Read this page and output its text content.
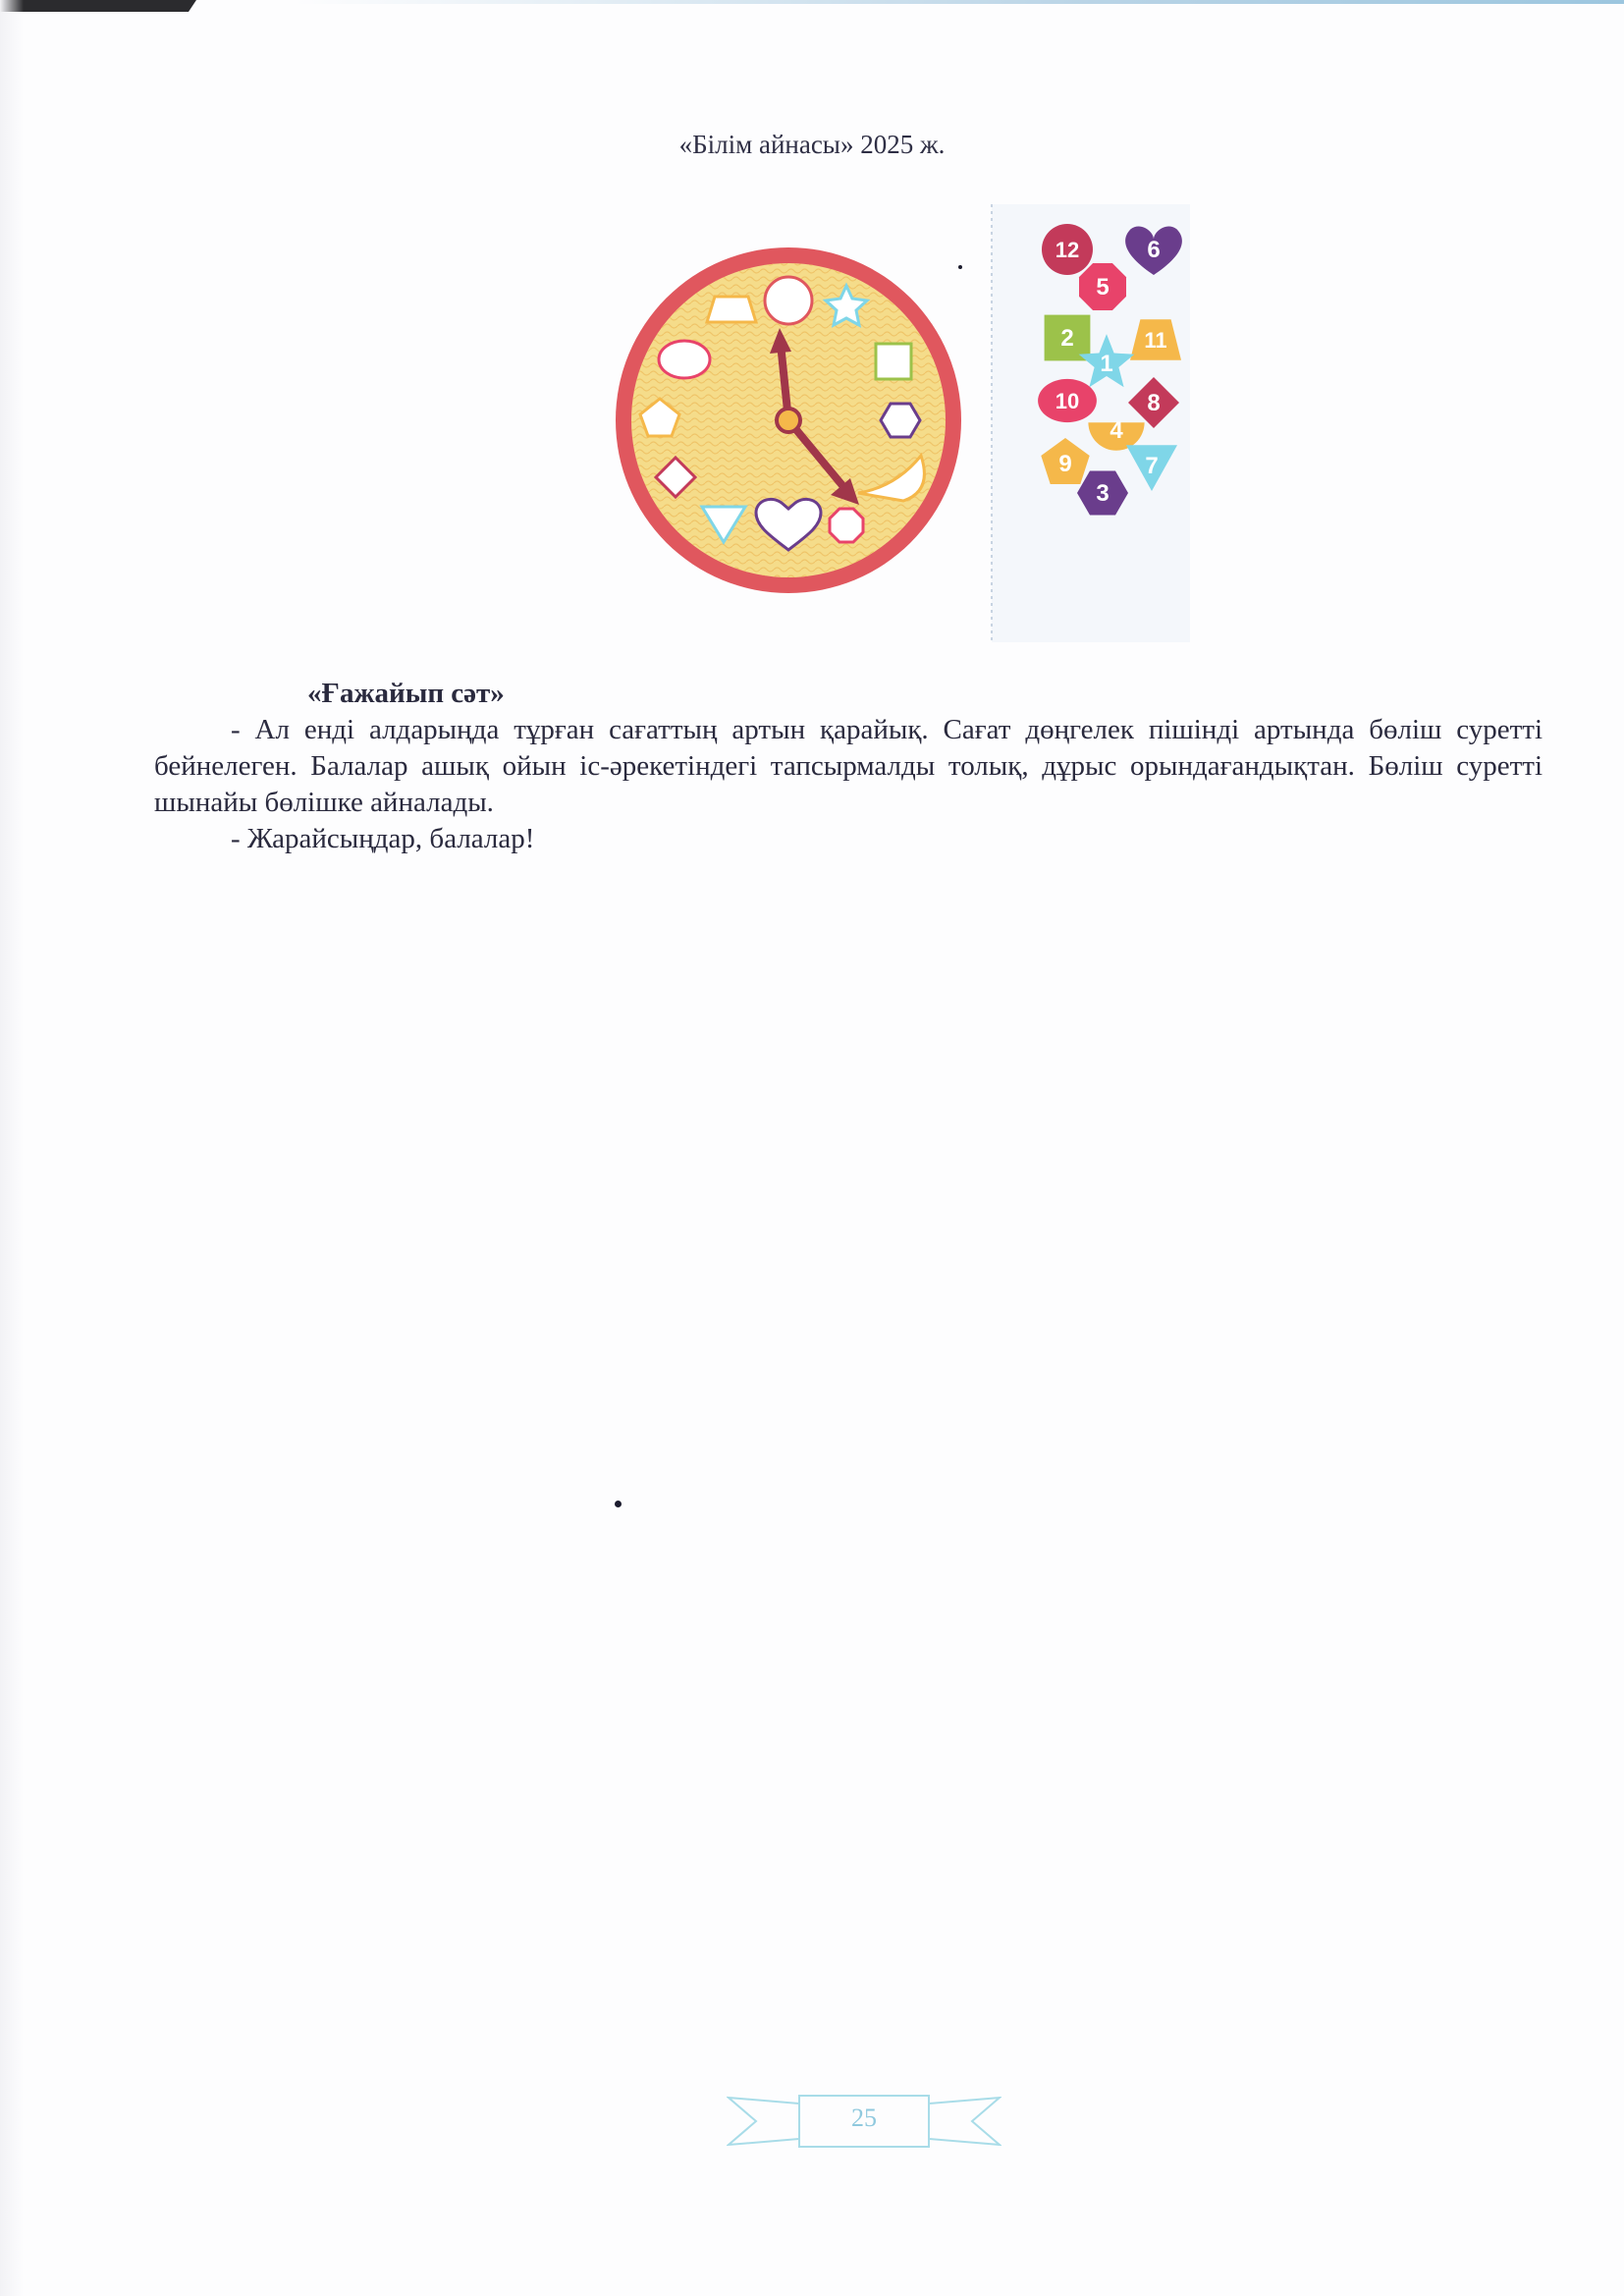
«Білім айнасы» 2025 ж.
12	6
5
2	11
1
10	8
4
9	7
3

«Ғажайып сәт»

- Ал енді алдарыңда тұрған сағаттың артын қарайық. Сағат дөңгелек пішінді артында бөліш суретті бейнелеген. Балалар ашық ойын іс-әрекетіндегі тапсырмалды толық, дұрыс орындағандықтан. Бөліш суретті шынайы бөлішке айналады.

- Жарайсыңдар, балалар!

25
